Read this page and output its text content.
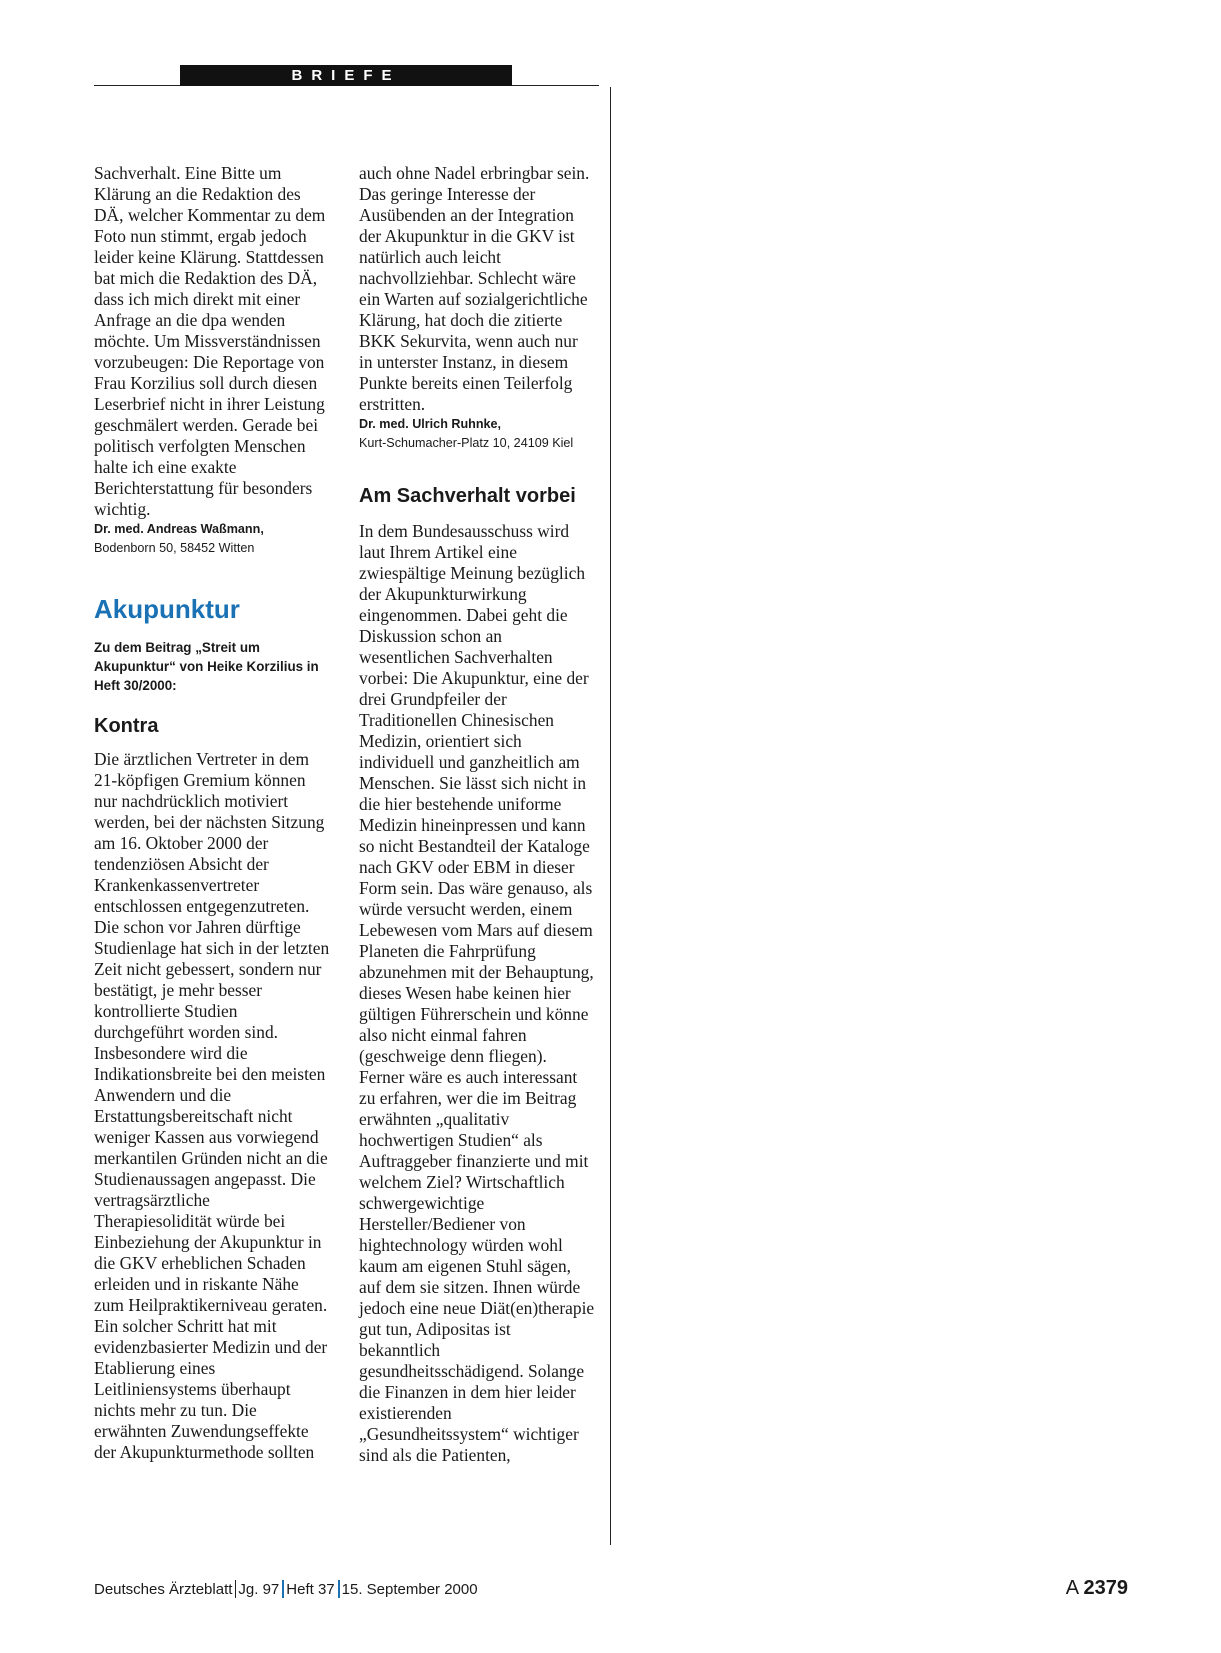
BRIEFE

Sachverhalt. Eine Bitte um Klärung an die Redaktion des DÄ, welcher Kommentar zu dem Foto nun stimmt, ergab jedoch leider keine Klärung. Stattdessen bat mich die Redaktion des DÄ, dass ich mich direkt mit einer Anfrage an die dpa wenden möchte. Um Missverständnissen vorzubeugen: Die Reportage von Frau Korzilius soll durch diesen Leserbrief nicht in ihrer Leistung geschmälert werden. Gerade bei politisch verfolgten Menschen halte ich eine exakte Berichterstattung für besonders wichtig.

Dr. med. Andreas Waßmann,

Bodenborn 50, 58452 Witten

Akupunktur

Zu dem Beitrag „Streit um Akupunktur“ von Heike Korzilius in Heft 30/2000:

Kontra

Die ärztlichen Vertreter in dem 21-köpfigen Gremium können nur nachdrücklich motiviert werden, bei der nächsten Sitzung am 16. Oktober 2000 der tendenziösen Absicht der Krankenkassenvertreter entschlossen entgegenzutreten. Die schon vor Jahren dürftige Studienlage hat sich in der letzten Zeit nicht gebessert, sondern nur bestätigt, je mehr besser kontrollierte Studien durchgeführt worden sind. Insbesondere wird die Indikationsbreite bei den meisten Anwendern und die Erstattungsbereitschaft nicht weniger Kassen aus vorwiegend merkantilen Gründen nicht an die Studienaussagen angepasst. Die vertragsärztliche Therapiesolidität würde bei Einbeziehung der Akupunktur in die GKV erheblichen Schaden erleiden und in riskante Nähe zum Heilpraktikerniveau geraten. Ein solcher Schritt hat mit evidenzbasierter Medizin und der Etablierung eines Leitliniensystems überhaupt nichts mehr zu tun. Die erwähnten Zuwendungseffekte der Akupunkturmethode sollten

auch ohne Nadel erbringbar sein. Das geringe Interesse der Ausübenden an der Integration der Akupunktur in die GKV ist natürlich auch leicht nachvollziehbar. Schlecht wäre ein Warten auf sozialgerichtliche Klärung, hat doch die zitierte BKK Sekurvita, wenn auch nur in unterster Instanz, in diesem Punkte bereits einen Teilerfolg erstritten.

Dr. med. Ulrich Ruhnke,

Kurt-Schumacher-Platz 10, 24109 Kiel

Am Sachverhalt vorbei

In dem Bundesausschuss wird laut Ihrem Artikel eine zwiespältige Meinung bezüglich der Akupunkturwirkung eingenommen. Dabei geht die Diskussion schon an wesentlichen Sachverhalten vorbei: Die Akupunktur, eine der drei Grundpfeiler der Traditionellen Chinesischen Medizin, orientiert sich individuell und ganzheitlich am Menschen. Sie lässt sich nicht in die hier bestehende uniforme Medizin hineinpressen und kann so nicht Bestandteil der Kataloge nach GKV oder EBM in dieser Form sein. Das wäre genauso, als würde versucht werden, einem Lebewesen vom Mars auf diesem Planeten die Fahrprüfung abzunehmen mit der Behauptung, dieses Wesen habe keinen hier gültigen Führerschein und könne also nicht einmal fahren (geschweige denn fliegen). Ferner wäre es auch interessant zu erfahren, wer die im Beitrag erwähnten „qualitativ hochwertigen Studien“ als Auftraggeber finanzierte und mit welchem Ziel? Wirtschaftlich schwergewichtige Hersteller/Bediener von hightechnology würden wohl kaum am eigenen Stuhl sägen, auf dem sie sitzen. Ihnen würde jedoch eine neue Diät(en)therapie gut tun, Adipositas ist bekanntlich gesundheitsschädigend. Solange die Finanzen in dem hier leider existierenden „Gesundheitssystem“ wichtiger sind als die Patienten,

Deutsches Ärzteblatt Jg. 97 Heft 37 15. September 2000	A 2379
